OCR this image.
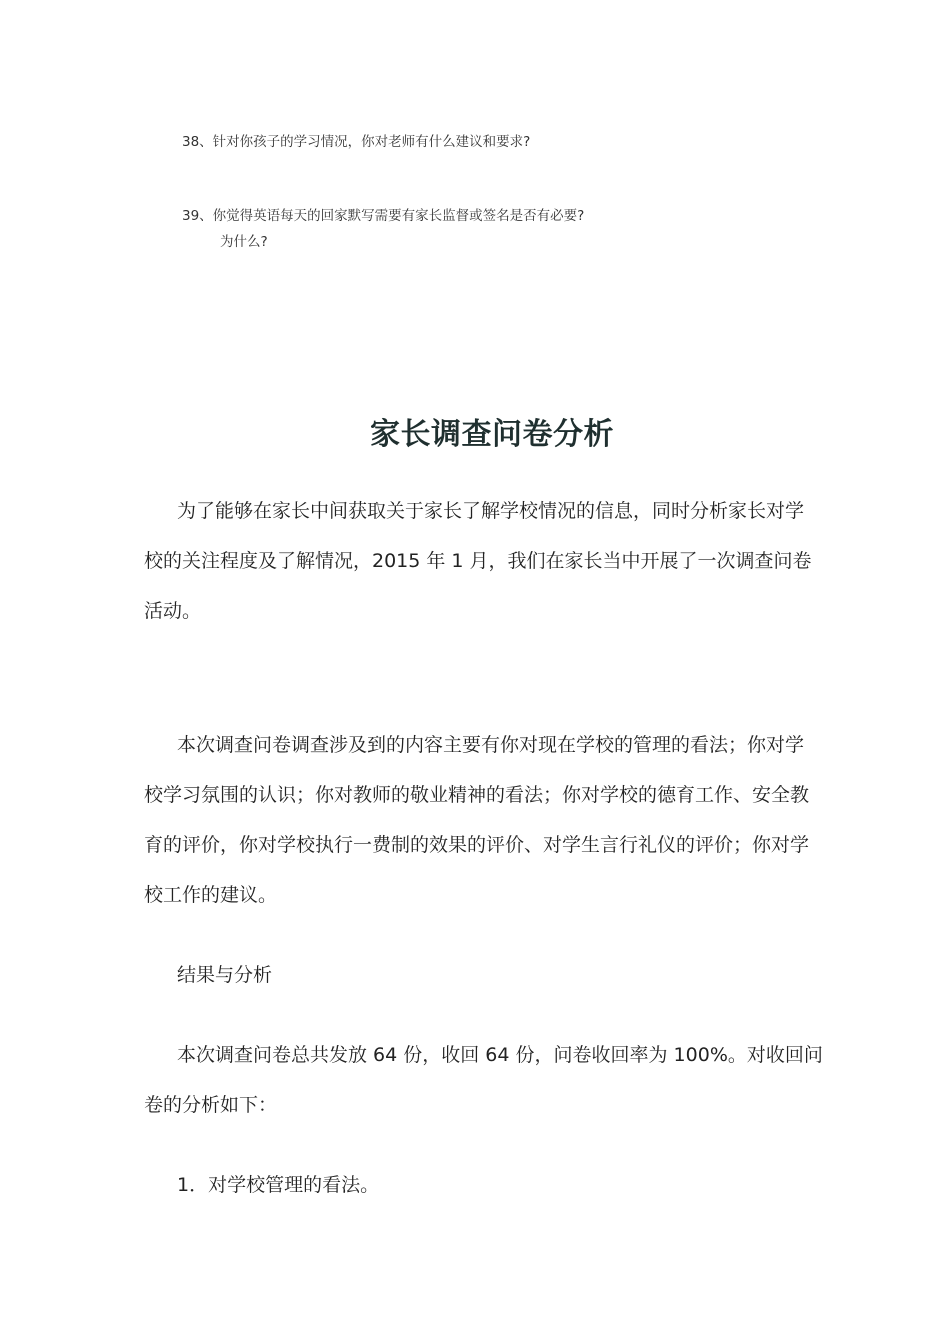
38、针对你孩子的学习情况，你对老师有什么建议和要求?
39、你觉得英语每天的回家默写需要有家长监督或签名是否有必要?
为什么?
家长调查问卷分析
为了能够在家长中间获取关于家长了解学校情况的信息，同时分析家长对学
校的关注程度及了解情况，2015 年 1 月，我们在家长当中开展了一次调查问卷
活动。
本次调查问卷调查涉及到的内容主要有你对现在学校的管理的看法；你对学
校学习氛围的认识；你对教师的敬业精神的看法；你对学校的德育工作、安全教
育的评价，你对学校执行一费制的效果的评价、对学生言行礼仪的评价；你对学
校工作的建议。
结果与分析
本次调查问卷总共发放 64 份，收回 64 份，问卷收回率为 100%。对收回问
卷的分析如下：
1．对学校管理的看法。
